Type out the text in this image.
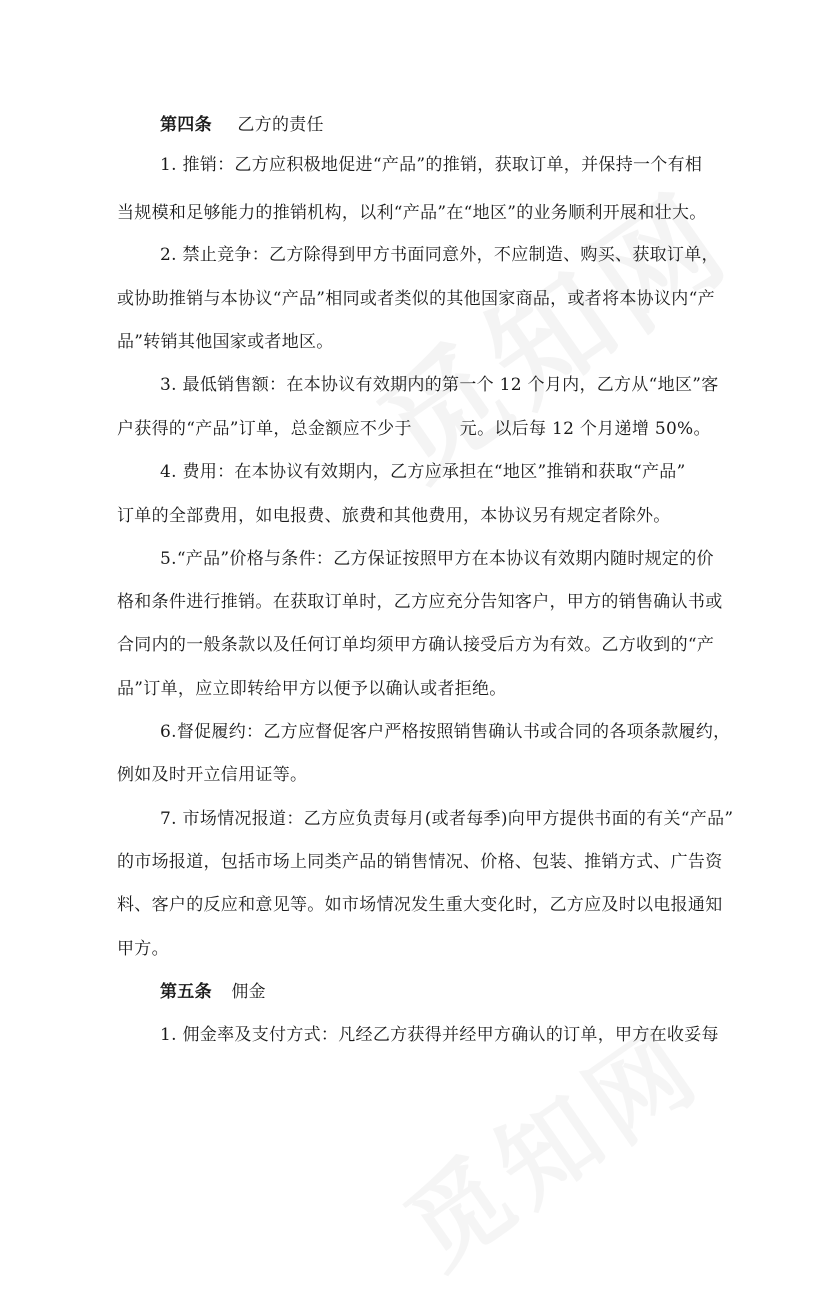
第四条 乙方的责任
1. 推销：乙方应积极地促进“产品”的推销，获取订单，并保持一个有相
当规模和足够能力的推销机构，以利“产品”在“地区”的业务顺利开展和壮大。
2. 禁止竞争：乙方除得到甲方书面同意外，不应制造、购买、获取订单，
或协助推销与本协议“产品”相同或者类似的其他国家商品，或者将本协议内“产
品”转销其他国家或者地区。
3. 最低销售额：在本协议有效期内的第一个 12 个月内，乙方从“地区”客
户获得的“产品”订单，总金额应不少于	元。以后每 12 个月递增 50%。
4. 费用：在本协议有效期内，乙方应承担在“地区”推销和获取“产品”
订单的全部费用，如电报费、旅费和其他费用，本协议另有规定者除外。
5.“产品”价格与条件：乙方保证按照甲方在本协议有效期内随时规定的价
格和条件进行推销。在获取订单时，乙方应充分告知客户，甲方的销售确认书或
合同内的一般条款以及任何订单均须甲方确认接受后方为有效。乙方收到的“产
品”订单，应立即转给甲方以便予以确认或者拒绝。
6.督促履约：乙方应督促客户严格按照销售确认书或合同的各项条款履约，
例如及时开立信用证等。
7. 市场情况报道：乙方应负责每月(或者每季)向甲方提供书面的有关“产品”
的市场报道，包括市场上同类产品的销售情况、价格、包装、推销方式、广告资
料、客户的反应和意见等。如市场情况发生重大变化时，乙方应及时以电报通知
甲方。
第五条 佣金
1. 佣金率及支付方式：凡经乙方获得并经甲方确认的订单，甲方在收妥每
